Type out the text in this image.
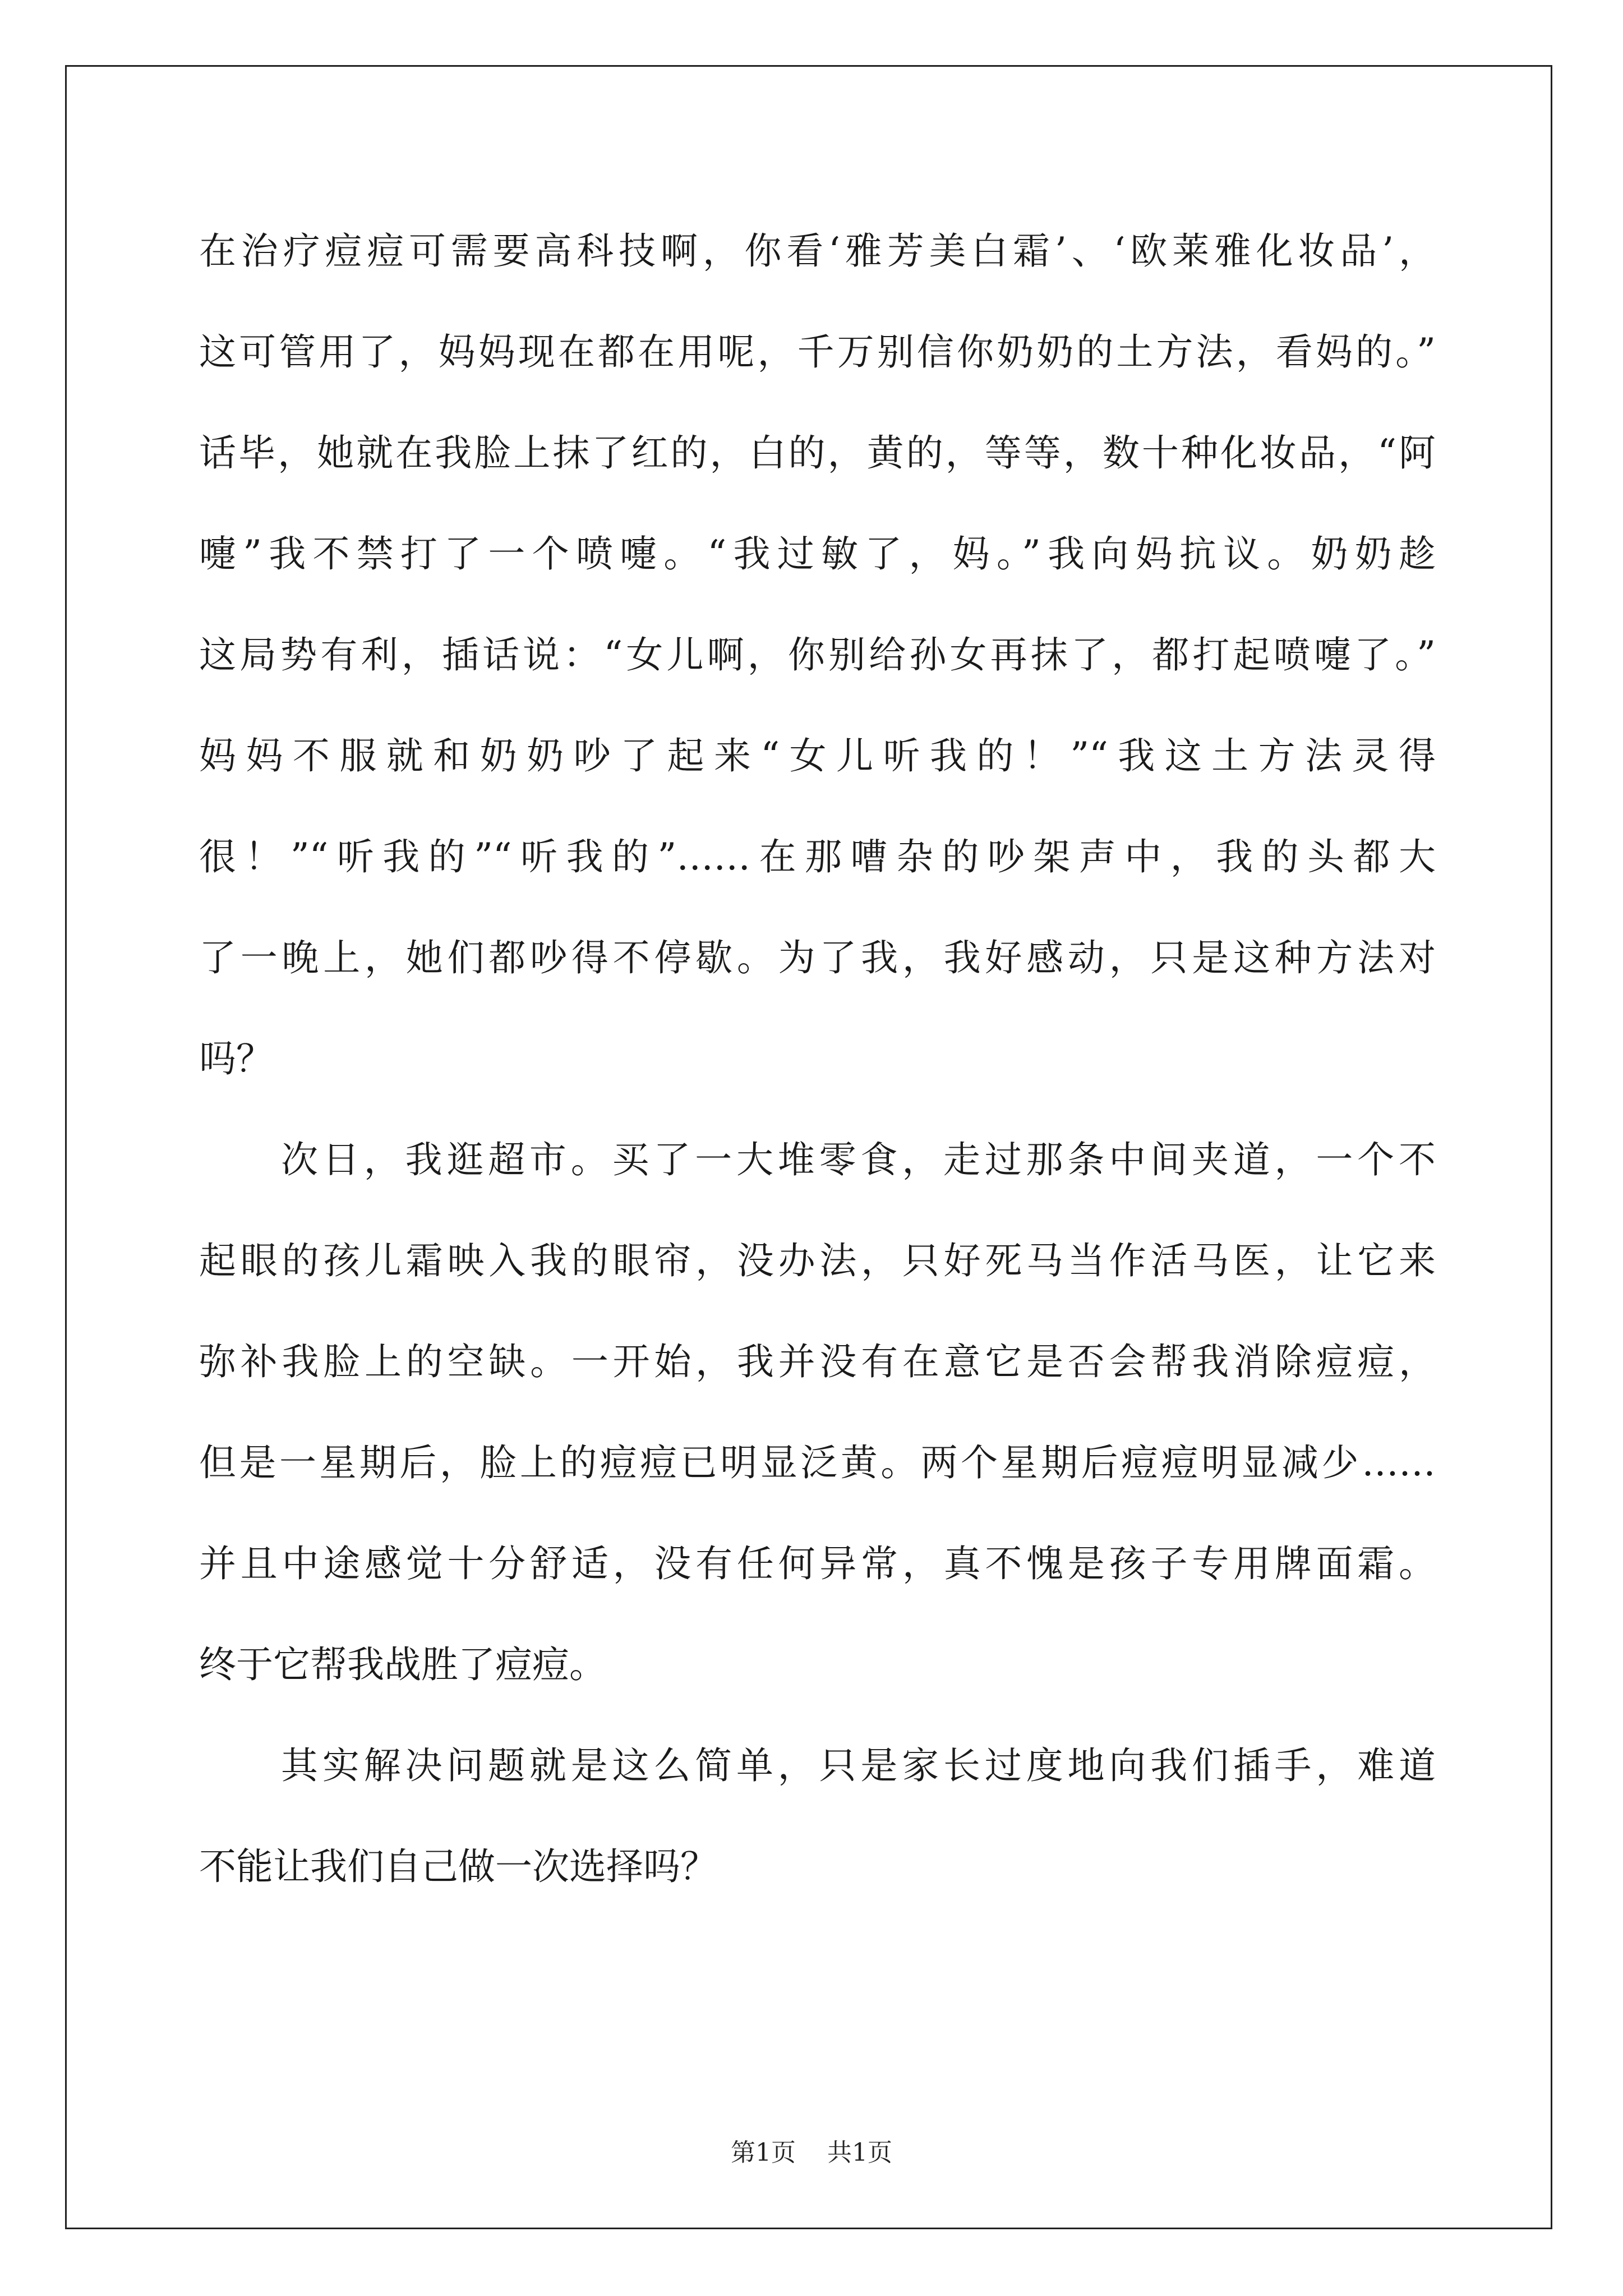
在治疗痘痘可需要高科技啊，你看‘雅芳美白霜’、‘欧莱雅化妆品’，
这可管用了，妈妈现在都在用呢，千万别信你奶奶的土方法，看妈的。”
话毕，她就在我脸上抹了红的，白的，黄的，等等，数十种化妆品，“阿
嚏”我不禁打了一个喷嚏。“我过敏了，妈。”我向妈抗议。奶奶趁
这局势有利，插话说：“女儿啊，你别给孙女再抹了，都打起喷嚏了。”
妈妈不服就和奶奶吵了起来“女儿听我的！”“我这土方法灵得
很！”“听我的”“听我的”……在那嘈杂的吵架声中，我的头都大
了一晚上，她们都吵得不停歇。为了我，我好感动，只是这种方法对
吗？
次日，我逛超市。买了一大堆零食，走过那条中间夹道，一个不
起眼的孩儿霜映入我的眼帘，没办法，只好死马当作活马医，让它来
弥补我脸上的空缺。一开始，我并没有在意它是否会帮我消除痘痘，
但是一星期后，脸上的痘痘已明显泛黄。两个星期后痘痘明显减少……
并且中途感觉十分舒适，没有任何异常，真不愧是孩子专用牌面霜。
终于它帮我战胜了痘痘。
其实解决问题就是这么简单，只是家长过度地向我们插手，难道
不能让我们自己做一次选择吗？
第1页 共1页
